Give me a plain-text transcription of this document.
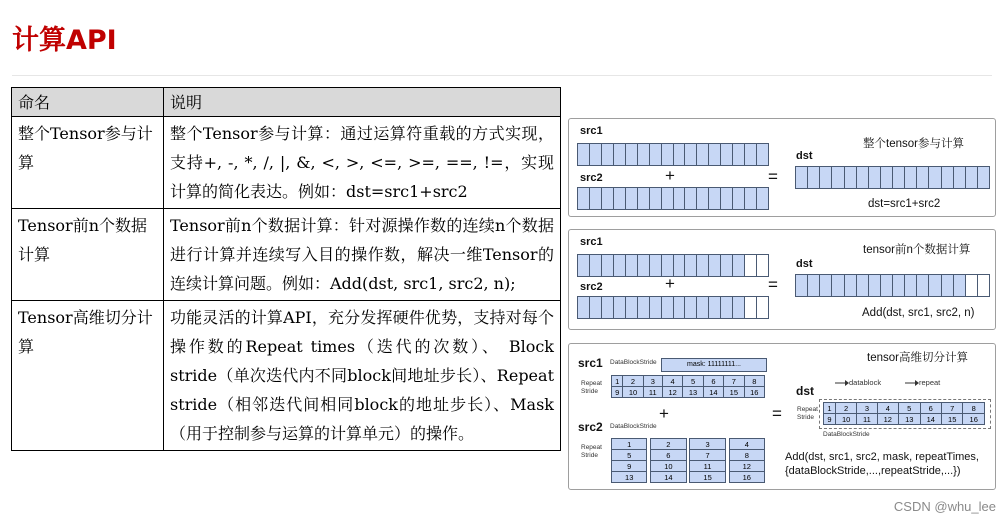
计算API
命名	说明
整个Tensor参与计算	整个Tensor参与计算：通过运算符重载的方式实现，支持+, -, *, /, |, &, <, >, <=, >=, ==, !=，实现计算的简化表达。例如：dst=src1+src2
Tensor前n个数据计算	Tensor前n个数据计算：针对源操作数的连续n个数据进行计算并连续写入目的操作数，解决一维Tensor的连续计算问题。例如：Add(dst, src1, src2, n);
Tensor高维切分计算	功能灵活的计算API，充分发挥硬件优势，支持对每个操作数的Repeat times（迭代的次数）、 Block stride（单次迭代内不同block间地址步长）、Repeat stride（相邻迭代间相同block的地址步长）、Mask（用于控制参与运算的计算单元）的操作。
src1
src2	+	=
整个tensor参与计算
dst
dst=src1+src2
src1
src2	+	=
tensor前n个数据计算
dst
Add(dst, src1, src2, n)
src1 DataBlockStride	mask: 11111111...
Repeat
Stride
1	2	3	4	5	6	7	8
9	10	11	12	13	14	15	16
+
src2 DataBlockStride
Repeat
Stride
1		2		3		4
5		6		7		8
9		10		11		12
13		14		15		16
=
tensor高维切分计算
dst
datablock	repeat
Repeat
Stride
1	2	3	4	5	6	7	8
9	10	11	12	13	14	15	16
DataBlockStride
Add(dst, src1, src2, mask, repeatTimes,
{dataBlockStride,...,repeatStride,...})
CSDN @whu_lee
